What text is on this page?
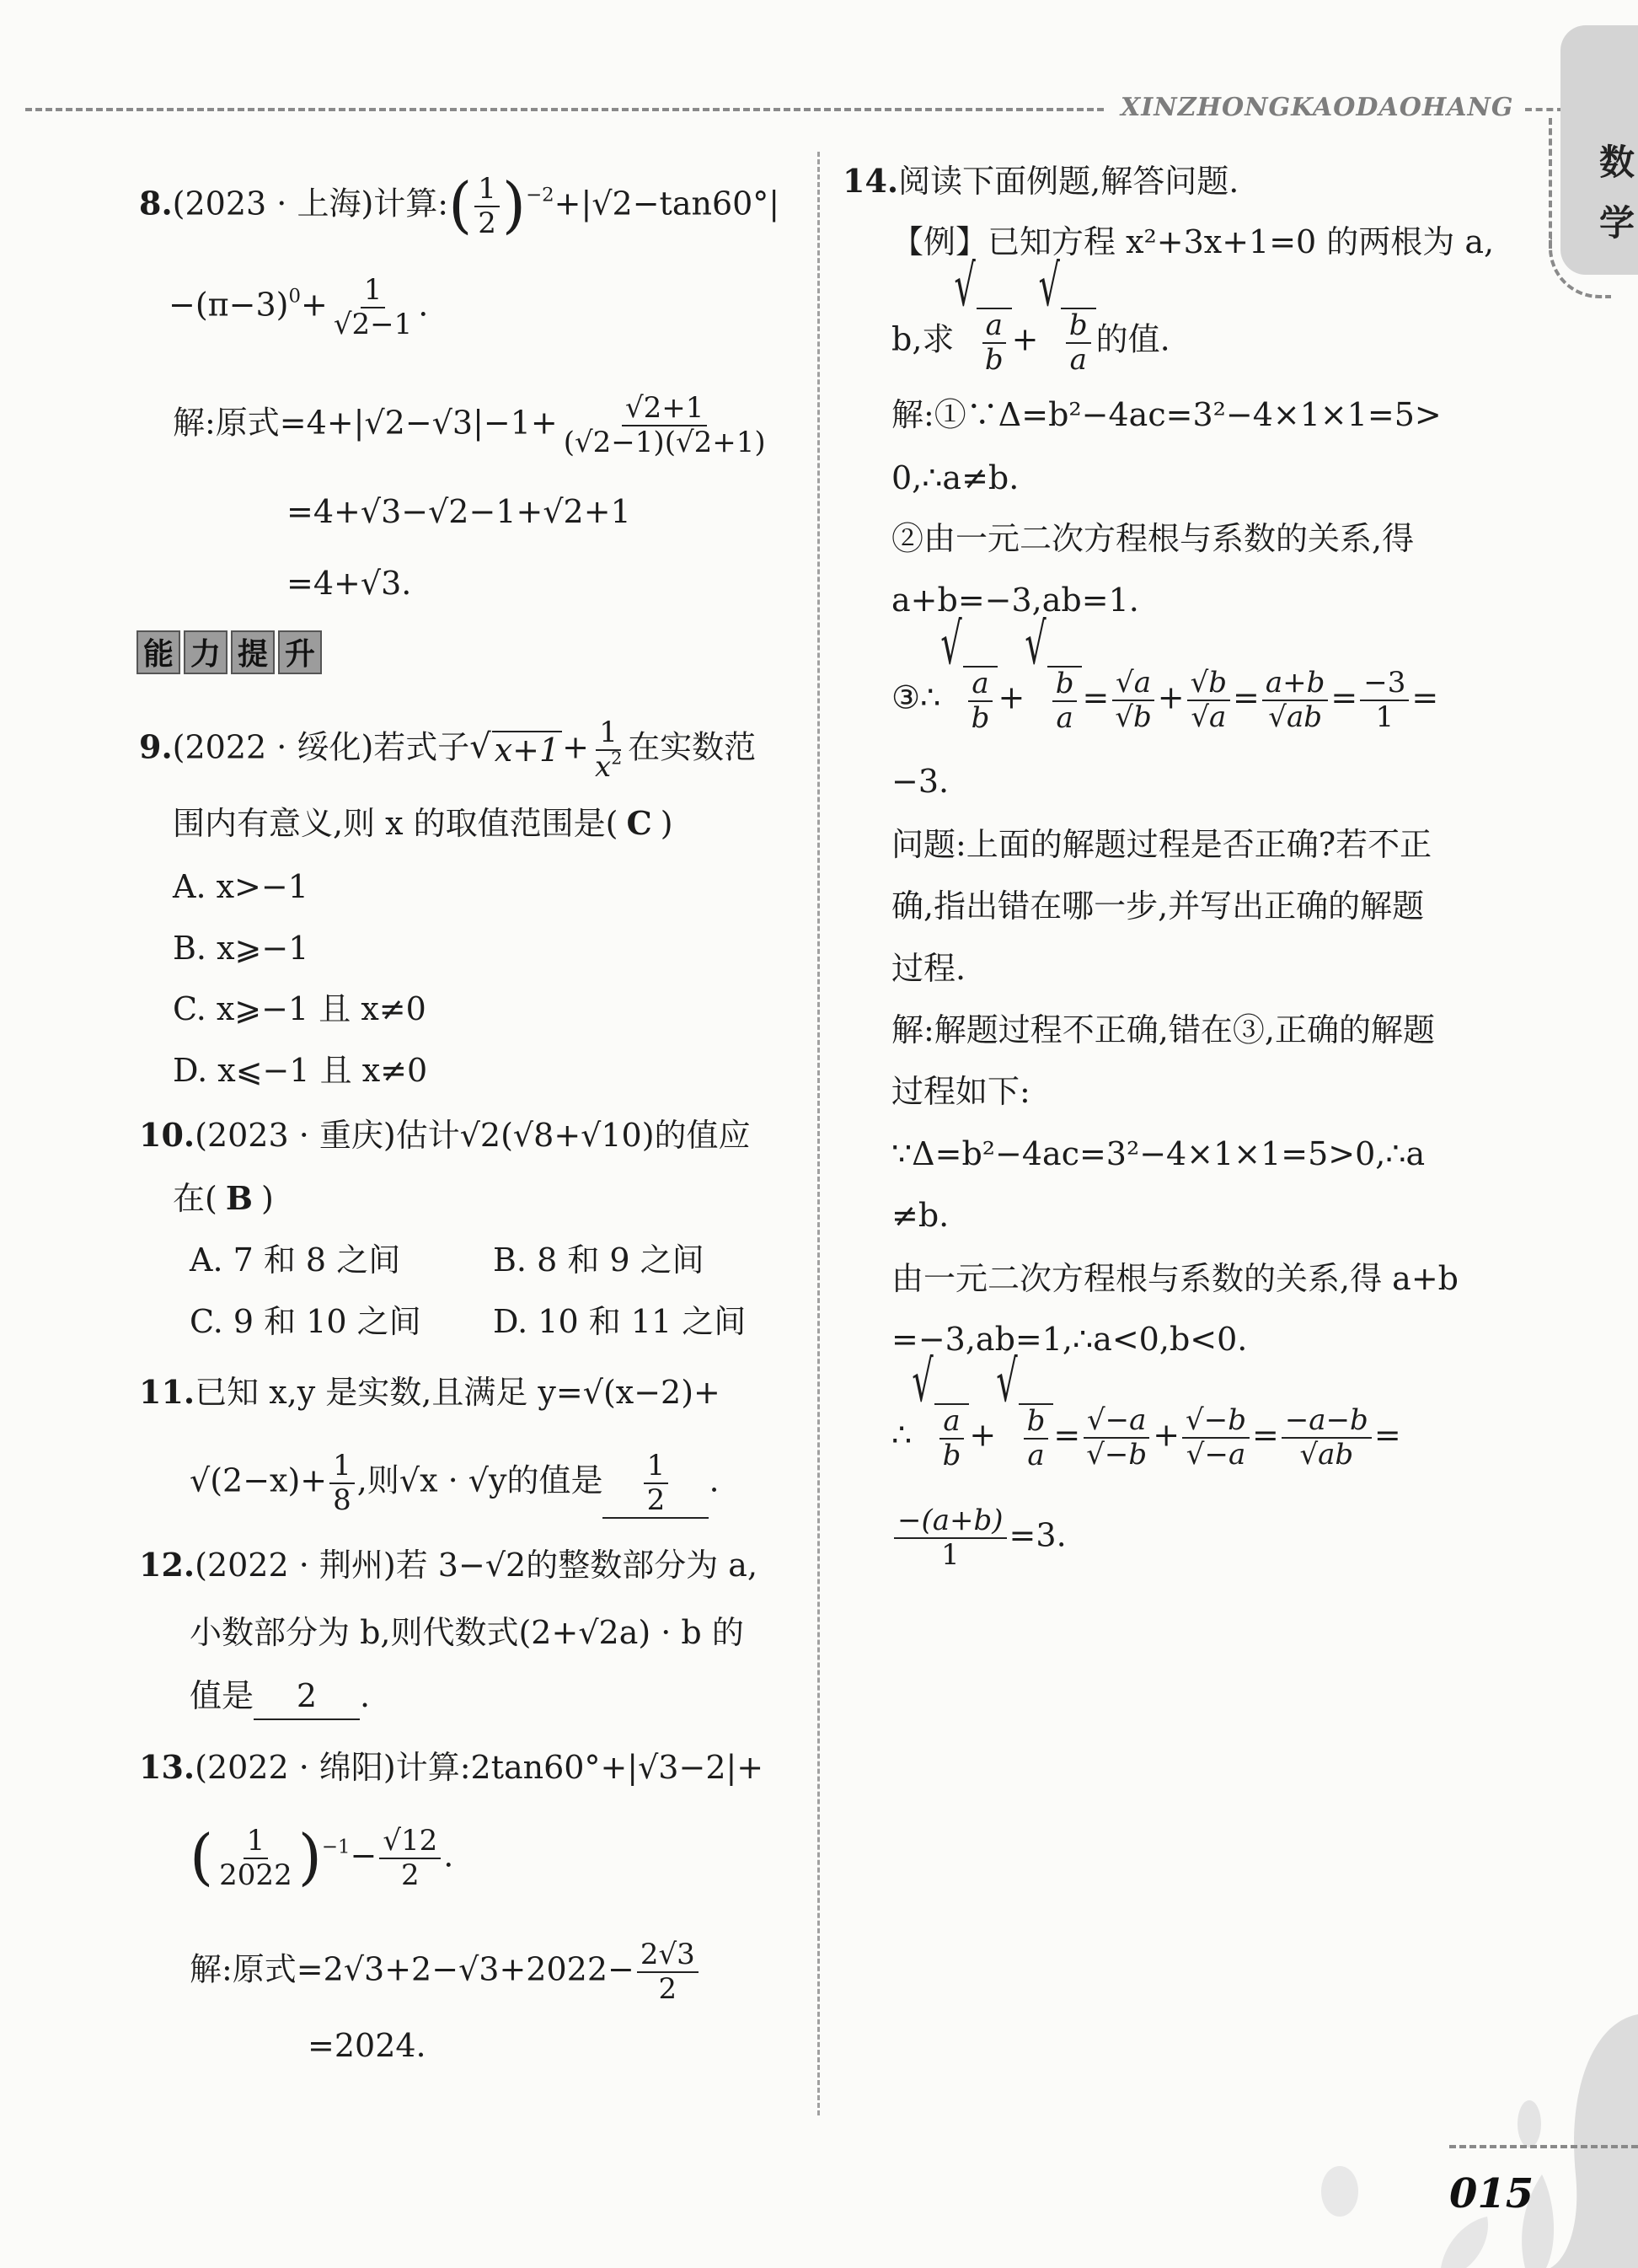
XINZHONGKAODAOHANG
数学
8.(2023 · 上海)计算:( $\frac{1}{2} )^{-2}+|√2-\tan 60^\circ|$
$-(\pi-3)^0+ \frac{1}{√2-1}$ .
解:原式$=4+|√2-√3|-1+ \frac{√2+1}{(√2-1)(√2+1)}$
=4+√3−√2−1+√2+1
=4+√3.
能 力 提 升
9.(2022 · 绥化)若式子 √ $x+1 + \frac{1}{x^2}$ 在实数范
围内有意义,则 x 的取值范围是( C )
A. x>−1
B. x⩾−1
C. x⩾−1 且 x≠0
D. x⩽−1 且 x≠0
10.(2023 · 重庆)估计√2(√8+√10)的值应
在( B )
A. 7 和 8 之间	B. 8 和 9 之间
C. 9 和 10 之间 D. 10 和 11 之间
11.已知 x,y 是实数,且满足 y=√(x−2)+
$√(2-x)+ \frac{1}{8}$ ,则√x · √y的值是 $\frac{1}{2}$ .
12.(2022 · 荆州)若 3−√2的整数部分为 a,
小数部分为 b,则代数式(2+√2a) · b 的
值是 2 .
13.(2022 · 绵阳)计算:2tan60°+|√3−2|+
( $\frac{1}{2022} )^{-1}- \frac{√12}{2}$ .
解:原式$=2√3+2-√3+2022- \frac{2√3}{2}$
=2024.
14.阅读下面例题,解答问题.
【例】已知方程 x²+3x+1=0 的两根为 a,
b,求
√
$\frac{a}{b}$ +
√
$\frac{b}{a}$ 的值.
解:①∵Δ=b²−4ac=3²−4×1×1=5>
0,∴a≠b.
②由一元二次方程根与系数的关系,得
a+b=−3,ab=1.
③∴
√
$\frac{a}{b}$ +
√
$\frac{b}{a} = \frac{√a}{√b} + \frac{√b}{√a} = \frac{a+b}{√ab} = \frac{-3}{1}$ =
−3.
问题:上面的解题过程是否正确?若不正
确,指出错在哪一步,并写出正确的解题
过程.
解:解题过程不正确,错在③,正确的解题
过程如下:
∵Δ=b²−4ac=3²−4×1×1=5>0,∴a
≠b.
由一元二次方程根与系数的关系,得 a+b
=−3,ab=1,∴a<0,b<0.
∴
√
$\frac{a}{b}$ +
√
$\frac{b}{a} = \frac{√-a}{√-b} + \frac{√-b}{√-a} = \frac{-a-b}{√ab}$ =
$\frac{-(a+b)}{1} =3$.
015
